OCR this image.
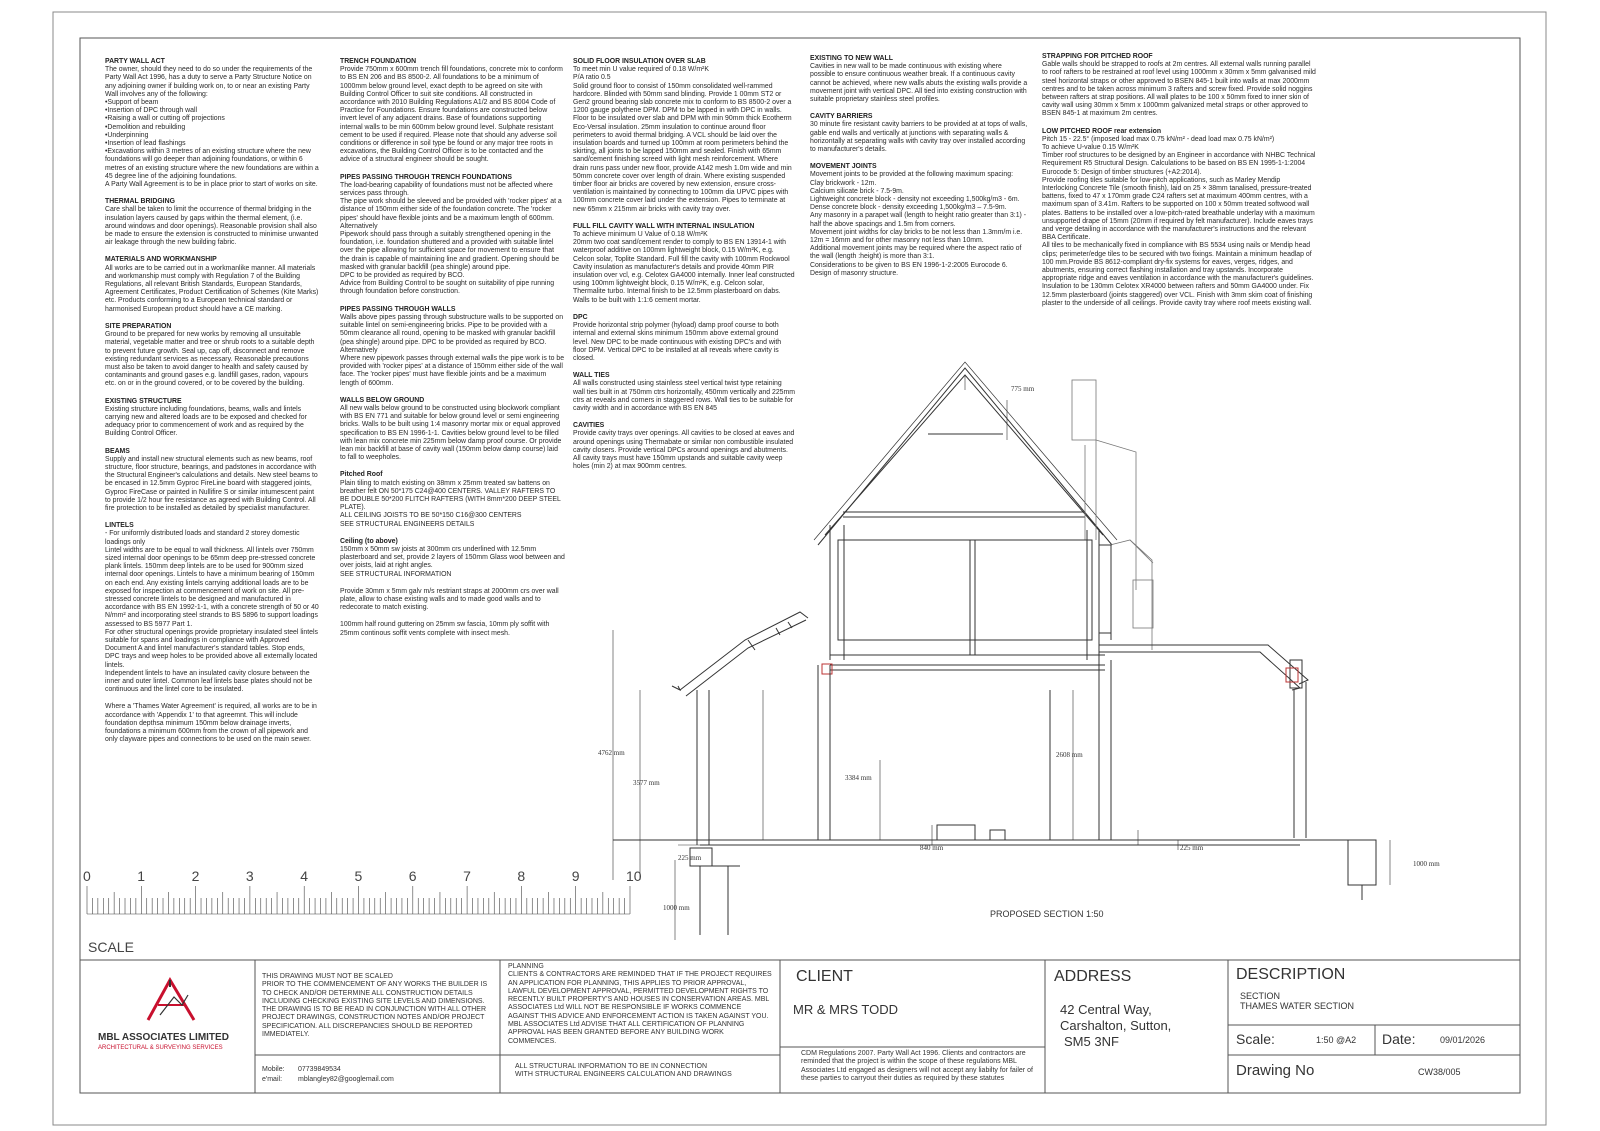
PARTY WALL ACT
The owner, should they need to do so under the requirements of the Party Wall Act 1996, has a duty to serve a Party Structure Notice on any adjoining owner if building work on, to or near an existing Party Wall involves any of the following:
• Support of beam
• Insertion of DPC through wall
• Raising a wall or cutting off projections
• Demolition and rebuilding
• Underpinning
• Insertion of lead flashings
• Excavations within 3 metres of an existing structure where the new foundations will go deeper than adjoining foundations, or within 6 metres of an existing structure where the new foundations are within a 45 degree line of the adjoining foundations.
A Party Wall Agreement is to be in place prior to start of works on site.
THERMAL BRIDGING
Care shall be taken to limit the occurrence of thermal bridging in the insulation layers caused by gaps within the thermal element, (i.e. around windows and door openings). Reasonable provision shall also be made to ensure the extension is constructed to minimise unwanted air leakage through the new building fabric.
MATERIALS AND WORKMANSHIP
All works are to be carried out in a workmanlike manner. All materials and workmanship must comply with Regulation 7 of the Building Regulations, all relevant British Standards, European Standards, Agreement Certificates, Product Certification of Schemes (Kite Marks) etc. Products conforming to a European technical standard or harmonised European product should have a CE marking.
SITE PREPARATION
Ground to be prepared for new works by removing all unsuitable material, vegetable matter and tree or shrub roots to a suitable depth to prevent future growth. Seal up, cap off, disconnect and remove existing redundant services as necessary. Reasonable precautions must also be taken to avoid danger to health and safety caused by contaminants and ground gases e.g. landfill gases, radon, vapours etc. on or in the ground covered, or to be covered by the building.
EXISTING STRUCTURE
Existing structure including foundations, beams, walls and lintels carrying new and altered loads are to be exposed and checked for adequacy prior to commencement of work and as required by the Building Control Officer.
BEAMS
Supply and install new structural elements such as new beams, roof structure, floor structure, bearings, and padstones in accordance with the Structural Engineer's calculations and details. New steel beams to be encased in 12.5mm Gyproc FireLine board with staggered joints, Gyproc FireCase or painted in Nullifire S or similar intumescent paint to provide 1/2 hour fire resistance as agreed with Building Control. All fire protection to be installed as detailed by specialist manufacturer.
LINTELS
- For uniformly distributed loads and standard 2 storey domestic loadings only
Lintel widths are to be equal to wall thickness. All lintels over 750mm sized internal door openings to be 65mm deep pre-stressed concrete plank lintels. 150mm deep lintels are to be used for 900mm sized internal door openings. Lintels to have a minimum bearing of 150mm on each end. Any existing lintels carrying additional loads are to be exposed for inspection at commencement of work on site. All pre-stressed concrete lintels to be designed and manufactured in accordance with BS EN 1992-1-1, with a concrete strength of 50 or 40 N/mm² and incorporating steel strands to BS 5896 to support loadings assessed to BS 5977 Part 1.
For other structural openings provide proprietary insulated steel lintels suitable for spans and loadings in compliance with Approved Document A and lintel manufacturer's standard tables. Stop ends, DPC trays and weep holes to be provided above all externally located lintels.
Independent lintels to have an insulated cavity closure between the inner and outer lintel. Common leaf lintels base plates should not be continuous and the lintel core to be insulated.
Where a 'Thames Water Agreement' is required, all works are to be in accordance with 'Appendix 1' to that agreemnt. This will include foundation depthsa minimum 150mm below drainage inverts, foundations a minimum 600mm from the crown of all pipework and only clayware pipes and connections to be used on the main sewer.
TRENCH FOUNDATION
Provide 750mm x 600mm trench fill foundations, concrete mix to conform to BS EN 206 and BS 8500-2. All foundations to be a minimum of 1000mm below ground level, exact depth to be agreed on site with Building Control Officer to suit site conditions. All constructed in accordance with 2010 Building Regulations A1/2 and BS 8004 Code of Practice for Foundations. Ensure foundations are constructed below invert level of any adjacent drains. Base of foundations supporting internal walls to be min 600mm below ground level. Sulphate resistant cement to be used if required. Please note that should any adverse soil conditions or difference in soil type be found or any major tree roots in excavations, the Building Control Officer is to be contacted and the advice of a structural engineer should be sought.
PIPES PASSING THROUGH TRENCH FOUNDATIONS
The load-bearing capability of foundations must not be affected where services pass through.
The pipe work should be sleeved and be provided with 'rocker pipes' at a distance of 150mm either side of the foundation concrete. The 'rocker pipes' should have flexible joints and be a maximum length of 600mm.
Alternatively
Pipework should pass through a suitably strengthened opening in the foundation, i.e. foundation shuttered and a provided with suitable lintel over the pipe allowing for sufficient space for movement to ensure that the drain is capable of maintaining line and gradient. Opening should be masked with granular backfill (pea shingle) around pipe.
DPC to be provided as required by BCO.
Advice from Building Control to be sought on suitability of pipe running through foundation before construction.
PIPES PASSING THROUGH WALLS
Walls above pipes passing through substructure walls to be supported on suitable lintel on semi-engineering bricks. Pipe to be provided with a 50mm clearance all round, opening to be masked with granular backfill (pea shingle) around pipe. DPC to be provided as required by BCO.
Alternatively
Where new pipework passes through external walls the pipe work is to be provided with 'rocker pipes' at a distance of 150mm either side of the wall face. The 'rocker pipes' must have flexible joints and be a maximum length of 600mm.
WALLS BELOW GROUND
All new walls below ground to be constructed using blockwork compliant with BS EN 771 and suitable for below ground level or semi engineering bricks. Walls to be built using 1:4 masonry mortar mix or equal approved specification to BS EN 1996-1-1. Cavities below ground level to be filled with lean mix concrete min 225mm below damp proof course. Or provide lean mix backfill at base of cavity wall (150mm below damp course) laid to fall to weepholes.
Pitched Roof
Plain tiling to match existing on 38mm x 25mm treated sw battens on breather felt ON 50*175 C24@400 CENTERS. VALLEY RAFTERS TO BE DOUBLE 50*200 FLITCH RAFTERS (WITH 8mm*200 DEEP STEEL PLATE).
ALL CEILING JOISTS TO BE 50*150 C16@300 CENTERS
SEE STRUCTURAL ENGINEERS DETAILS
Ceiling (to above)
150mm x 50mm sw joists at 300mm crs underlined with 12.5mm plasterboard and set, provide 2 layers of 150mm Glass wool between and over joists, laid at right angles.
SEE STRUCTURAL INFORMATION
Provide 30mm x 5mm galv m/s restriant straps at 2000mm crs over wall plate, allow to chase existing walls and to made good walls and to redecorate to match existing.
100mm half round guttering on 25mm sw fascia, 10mm ply soffit with 25mm continous soffit vents complete with insect mesh.
SOLID FLOOR INSULATION OVER SLAB
To meet min U value required of 0.18 W/m²K
P/A ratio 0.5
Solid ground floor to consist of 150mm consolidated well-rammed hardcore. Blinded with 50mm sand blinding. Provide 1 00mm ST2 or Gen2 ground bearing slab concrete mix to conform to BS 8500-2 over a 1200 gauge polythene DPM. DPM to be lapped in with DPC in walls. Floor to be insulated over slab and DPM with min 90mm thick Ecotherm Eco-Versal insulation. 25mm insulation to continue around floor perimeters to avoid thermal bridging. A VCL should be laid over the insulation boards and turned up 100mm at room perimeters behind the skirting, all joints to be lapped 150mm and sealed. Finish with 65mm sand/cement finishing screed with light mesh reinforcement. Where drain runs pass under new floor, provide A142 mesh 1.0m wide and min 50mm concrete cover over length of drain. Where existing suspended timber floor air bricks are covered by new extension, ensure cross-ventilation is maintained by connecting to 100mm dia UPVC pipes with 100mm concrete cover laid under the extension. Pipes to terminate at new 65mm x 215mm air bricks with cavity tray over.
FULL FILL CAVITY WALL WITH INTERNAL INSULATION
To achieve minimum U Value of 0.18 W/m²K
20mm two coat sand/cement render to comply to BS EN 13914-1 with waterproof additive on 100mm lightweight block, 0.15 W/m²K, e.g. Celcon solar, Toplite Standard. Full fill the cavity with 100mm Rockwool Cavity insulation as manufacturer's details and provide 40mm PIR insulation over vcl, e.g. Celotex GA4000 internally. Inner leaf constructed using 100mm lightweight block, 0.15 W/m²K, e.g. Celcon solar, Thermalite turbo. Internal finish to be 12.5mm plasterboard on dabs. Walls to be built with 1:1:6 cement mortar.
DPC
Provide horizontal strip polymer (hyload) damp proof course to both internal and external skins minimum 150mm above external ground level. New DPC to be made continuous with existing DPC's and with floor DPM. Vertical DPC to be installed at all reveals where cavity is closed.
WALL TIES
All walls constructed using stainless steel vertical twist type retaining wall ties built in at 750mm ctrs horizontally, 450mm vertically and 225mm ctrs at reveals and corners in staggered rows. Wall ties to be suitable for cavity width and in accordance with BS EN 845
CAVITIES
Provide cavity trays over openings. All cavities to be closed at eaves and around openings using Thermabate or similar non combustible insulated cavity closers. Provide vertical DPCs around openings and abutments. All cavity trays must have 150mm upstands and suitable cavity weep holes (min 2) at max 900mm centres.
EXISTING TO NEW WALL
Cavities in new wall to be made continuous with existing where possible to ensure continuous weather break. If a continuous cavity cannot be achieved, where new walls abuts the existing walls provide a movement joint with vertical DPC. All tied into existing construction with suitable proprietary stainless steel profiles.
CAVITY BARRIERS
30 minute fire resistant cavity barriers to be provided at at tops of walls, gable end walls and vertically at junctions with separating walls & horizontally at separating walls with cavity tray over installed according to manufacturer's details.
MOVEMENT JOINTS
Movement joints to be provided at the following maximum spacing:
Clay brickwork - 12m.
Calcium silicate brick - 7.5-9m.
Lightweight concrete block - density not exceeding 1,500kg/m3 - 6m.
Dense concrete block - density exceeding 1,500kg/m3 – 7.5-9m.
Any masonry in a parapet wall (length to height ratio greater than 3:1) - half the above spacings and 1.5m from corners.
Movement joint widths for clay bricks to be not less than 1.3mm/m i.e. 12m = 16mm and for other masonry not less than 10mm.
Additional movement joints may be required where the aspect ratio of the wall (length :height) is more than 3:1.
Considerations to be given to BS EN 1996-1-2:2005 Eurocode 6. Design of masonry structure.
STRAPPING FOR PITCHED ROOF
Gable walls should be strapped to roofs at 2m centres. All external walls running parallel to roof rafters to be restrained at roof level using 1000mm x 30mm x 5mm galvanised mild steel horizontal straps or other approved to BSEN 845-1 built into walls at max 2000mm centres and to be taken across minimum 3 rafters and screw fixed. Provide solid noggins between rafters at strap positions. All wall plates to be 100 x 50mm fixed to inner skin of cavity wall using 30mm x 5mm x 1000mm galvanized metal straps or other approved to BSEN 845-1 at maximum 2m centres.
LOW PITCHED ROOF rear extension
Pitch 15 - 22.5° (imposed load max 0.75 kN/m² - dead load max 0.75 kN/m²)
To achieve U-value 0.15 W/m²K
Timber roof structures to be designed by an Engineer in accordance with NHBC Technical Requirement R5 Structural Design. Calculations to be based on BS EN 1995-1-1:2004 Eurocode 5: Design of timber structures (+A2:2014).
Provide roofing tiles suitable for low-pitch applications, such as Marley Mendip Interlocking Concrete Tile (smooth finish), laid on 25 × 38mm tanalised, pressure-treated battens, fixed to 47 x 170mm grade C24 rafters set at maximum 400mm centres, with a maximum span of 3.41m. Rafters to be supported on 100 x 50mm treated softwood wall plates. Battens to be installed over a low-pitch-rated breathable underlay with a maximum unsupported drape of 15mm (20mm if required by felt manufacturer). Include eaves trays and verge detailing in accordance with the manufacturer's instructions and the relevant BBA Certificate.
All tiles to be mechanically fixed in compliance with BS 5534 using nails or Mendip head clips; perimeter/edge tiles to be secured with two fixings. Maintain a minimum headlap of 100 mm.Provide BS 8612-compliant dry-fix systems for eaves, verges, ridges, and abutments, ensuring correct flashing installation and tray upstands. Incorporate appropriate ridge and eaves ventilation in accordance with the manufacturer's guidelines.
Insulation to be 130mm Celotex XR4000 between rafters and 50mm GA4000 under. Fix 12.5mm plasterboard (joints staggered) over VCL. Finish with 3mm skim coat of finishing plaster to the underside of all ceilings. Provide cavity tray where roof meets existing wall.
775 mm
4762 mm
3577 mm
3384 mm
2608 mm
840 mm
225 mm
225 mm
1000 mm
1000 mm
PROPOSED SECTION 1:50
0	1	2	3	4	5	6	7	8	9	10
SCALE
MBL ASSOCIATES LIMITED
ARCHITECTURAL & SURVEYING SERVICES
THIS DRAWING MUST NOT BE SCALED
PRIOR TO THE COMMENCEMENT OF ANY WORKS THE BUILDER IS TO CHECK AND/OR DETERMINE ALL CONSTRUCTION DETAILS INCLUDING CHECKING EXISTING SITE LEVELS AND DIMENSIONS.
THE DRAWING IS TO BE READ IN CONJUNCTION WITH ALL OTHER PROJECT DRAWINGS, CONSTRUCTION NOTES AND/OR PROJECT SPECIFICATION. ALL DISCREPANCIES SHOULD BE REPORTED IMMEDIATELY.
Mobile: 07739849534
e'mail: mblangley82@googlemail.com
PLANNING
CLIENTS & CONTRACTORS ARE REMINDED THAT IF THE PROJECT REQUIRES AN APPLICATION FOR PLANNING, THIS APPLIES TO PRIOR APPROVAL, LAWFUL DEVELOPMENT APPROVAL, PERMITTED DEVELOPMENT RIGHTS TO RECENTLY BUILT PROPERTY'S AND HOUSES IN CONSERVATION AREAS. MBL ASSOCIATES Ltd WILL NOT BE RESPONSIBLE IF WORKS COMMENCE AGAINST THIS ADVICE AND ENFORCEMENT ACTION IS TAKEN AGAINST YOU. MBL ASSOCIATES Ltd ADVISE THAT ALL CERTIFICATION OF PLANNING APPROVAL HAS BEEN GRANTED BEFORE ANY BUILDING WORK COMMENCES.
ALL STRUCTURAL INFORMATION TO BE IN CONNECTION
WITH STRUCTURAL ENGINEERS CALCULATION AND DRAWINGS
CLIENT
MR & MRS TODD
CDM Regulations 2007. Party Wall Act 1996. Clients and contractors are reminded that the project is within the scope of these regulations MBL Associates Ltd engaged as designers will not accept any liabilty for failer of these parties to carryout their duties as required by these statutes
ADDRESS
42 Central Way,
Carshalton, Sutton,
SM5 3NF
DESCRIPTION
SECTION
THAMES WATER SECTION
Scale:	1:50 @A2 Date:	09/01/2026
Drawing No	CW38/005
